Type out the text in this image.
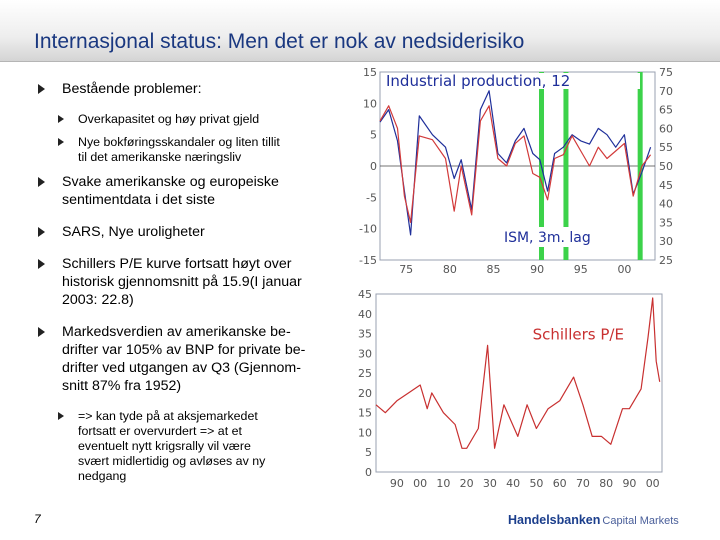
Internasjonal status: Men det er nok av nedsiderisiko
Bestående problemer:
Overkapasitet og høy privat gjeld
Nye bokføringsskandaler og liten tillit
til det amerikanske næringsliv
Svake amerikanske og europeiske
sentimentdata i det siste
SARS, Nye uroligheter
Schillers P/E kurve fortsatt høyt over
historisk gjennomsnitt på 15.9(I januar
2003: 22.8)
Markedsverdien av amerikanske be-
drifter var 105% av BNP for private be-
drifter ved utgangen av Q3 (Gjennom-
snitt 87% fra 1952)
=> kan tyde på at aksjemarkedet
fortsatt er overvurdert => at et
eventuelt nytt krigsrally vil være
svært midlertidig og avløses av ny
nedgang
15
10
5
0
-5
-10
-15
75
70
65
60
55
50
45
40
35
30
25
75	80	85	90	95	00
Industrial production, 12
ISM, 3m. lag
45
40
35
30
25
20
15
10
5
0
90 00 10 20 30 40 50 60 70 80 90 00
Schillers P/E
7	Handelsbanken Capital Markets
